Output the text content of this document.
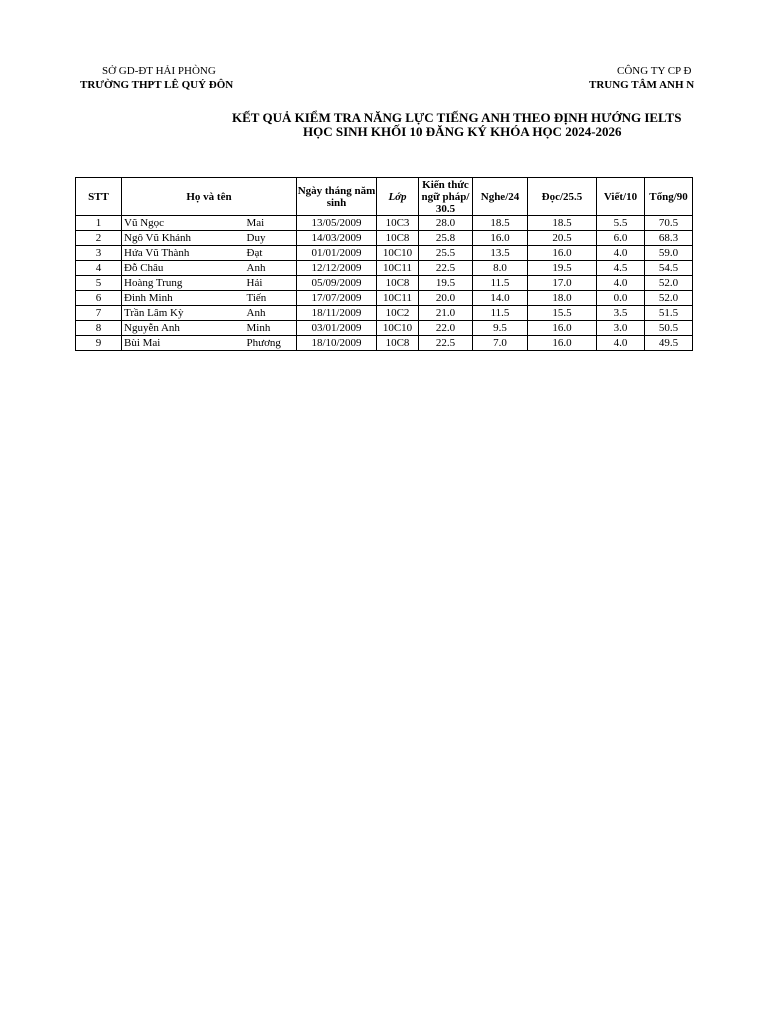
SỞ GD-ĐT HẢI PHÒNG
TRƯỜNG THPT LÊ QUÝ ĐÔN
CÔNG TY CP Đ
TRUNG TÂM ANH N
KẾT QUẢ KIỂM TRA NĂNG LỰC TIẾNG ANH THEO ĐỊNH HƯỚNG IELTS
HỌC SINH KHỐI 10 ĐĂNG KÝ KHÓA HỌC 2024-2026
STT	Họ và tên		Ngày tháng năm sinh	Lớp	Kiến thức ngữ pháp/ 30.5	Nghe/24	Đọc/25.5	Viết/10	Tổng/90
1	Vũ Ngọc	Mai	13/05/2009	10C3	28.0	18.5	18.5	5.5	70.5
2	Ngô Vũ Khánh	Duy	14/03/2009	10C8	25.8	16.0	20.5	6.0	68.3
3	Hứa Vũ Thành	Đạt	01/01/2009	10C10	25.5	13.5	16.0	4.0	59.0
4	Đỗ Châu	Anh	12/12/2009	10C11	22.5	8.0	19.5	4.5	54.5
5	Hoàng Trung	Hải	05/09/2009	10C8	19.5	11.5	17.0	4.0	52.0
6	Đinh Minh	Tiến	17/07/2009	10C11	20.0	14.0	18.0	0.0	52.0
7	Trần Lâm Kỳ	Anh	18/11/2009	10C2	21.0	11.5	15.5	3.5	51.5
8	Nguyễn Anh	Minh	03/01/2009	10C10	22.0	9.5	16.0	3.0	50.5
9	Bùi Mai	Phương	18/10/2009	10C8	22.5	7.0	16.0	4.0	49.5
